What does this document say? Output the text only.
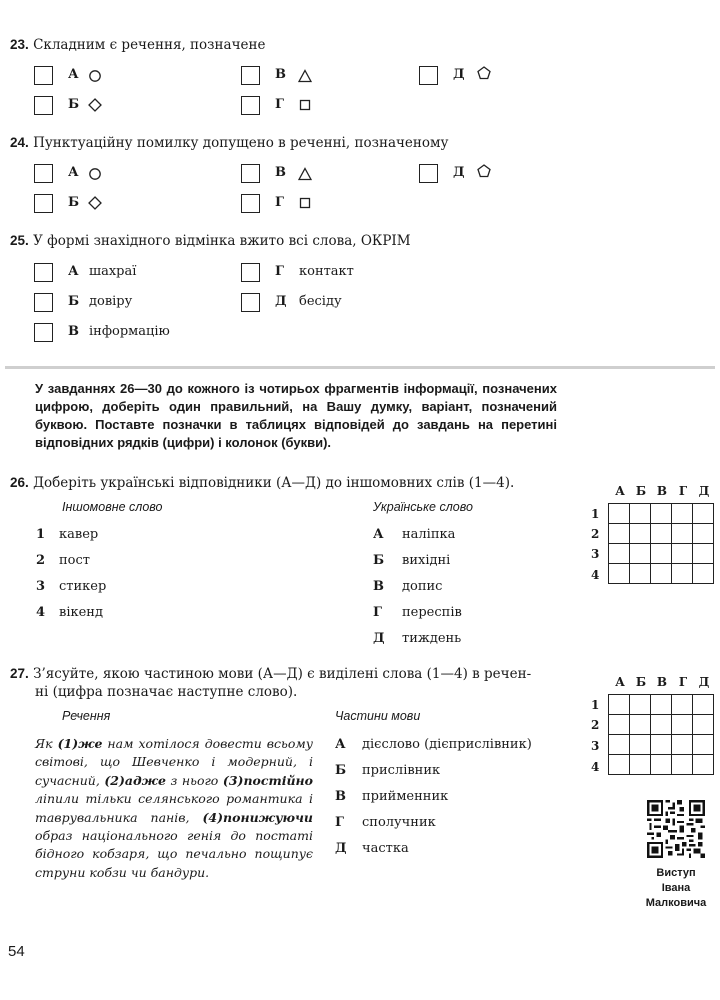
23. Складним є речення, позначене
А
Б
В
Г
Д
24. Пунктуаційну помилку допущено в реченні, позначеному
А
Б
В
Г
Д
25. У формі знахідного відмінка вжито всі слова, ОКРІМ
А шахраї
Б довіру
В інформацію
Г контакт
Д бесіду
У завданнях 26—30 до кожного із чотирьох фрагментів інформації, позначених цифрою, доберіть один правильний, на Вашу думку, варіант, позначений буквою. Поставте позначки в таблицях відповідей до завдань на перетині відповідних рядків (цифри) і колонок (букви).
26. Доберіть українські відповідники (А—Д) до іншомовних слів (1—4).
Іншомовне слово	Українське слово
1 кавер
2 пост
3 стикер
4 вікенд
А наліпка
Б вихідні
В допис
Г переспів
Д тиждень
А Б В Г Д
1
2
3
4

27. З’ясуйте, якою частиною мови (А—Д) є виділені слова (1—4) в речен-
ні (цифра позначає наступне слово).
Речення	Частини мови
Як (1)же нам хотілося довести всьому світові, що Шевченко і модерний, і сучасний, (2)адже з нього (3)постійно ліпили тільки селянського романтика і таврувальника панів, (4)понижуючи образ національного генія до постаті бідного кобзаря, що печально пощипує струни кобзи чи бандури.
А дієслово (дієприслівник)
Б прислівник
В прийменник
Г сполучник
Д частка
А Б В Г Д
1
2
3
4

Виступ
Івана
Малковича
54
